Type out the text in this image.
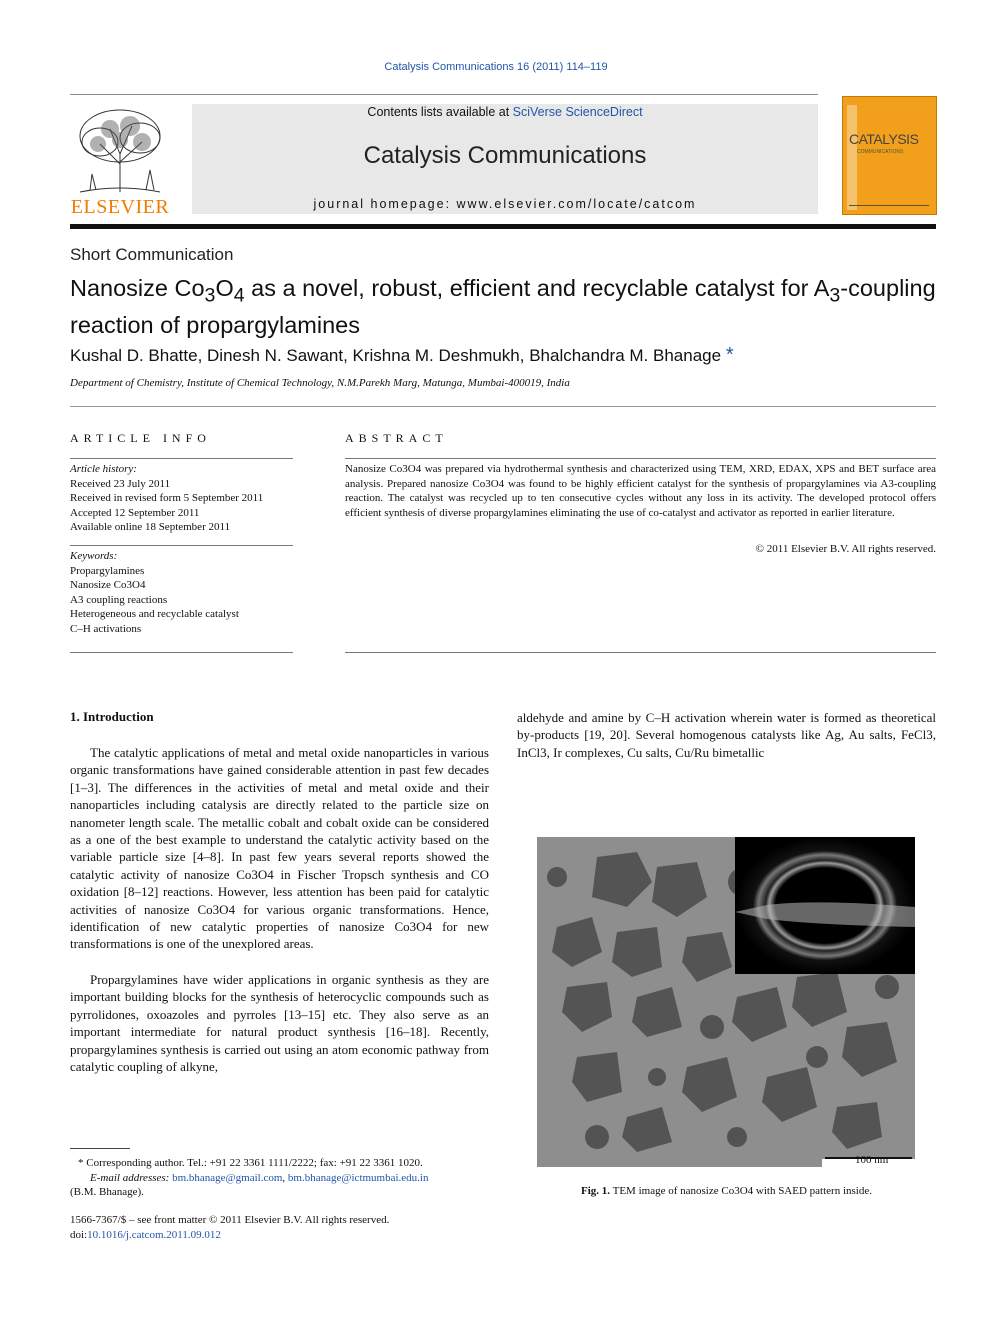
Catalysis Communications 16 (2011) 114–119
ELSEVIER
Contents lists available at SciVerse ScienceDirect
Catalysis Communications
journal homepage: www.elsevier.com/locate/catcom
CATALYSIS
COMMUNICATIONS
Short Communication
Nanosize $Co_3O_4$ as a novel, robust, efficient and recyclable catalyst for $A_3$-coupling reaction of propargylamines
Kushal D. Bhatte, Dinesh N. Sawant, Krishna M. Deshmukh, Bhalchandra M. Bhanage *
Department of Chemistry, Institute of Chemical Technology, N.M.Parekh Marg, Matunga, Mumbai-400019, India
ARTICLE INFO
Article history:
Received 23 July 2011
Received in revised form 5 September 2011
Accepted 12 September 2011
Available online 18 September 2011
Keywords:
Propargylamines
Nanosize Co3O4
A3 coupling reactions
Heterogeneous and recyclable catalyst
C–H activations
ABSTRACT
Nanosize Co3O4 was prepared via hydrothermal synthesis and characterized using TEM, XRD, EDAX, XPS and BET surface area analysis. Prepared nanosize Co3O4 was found to be highly efficient catalyst for the synthesis of propargylamines via A3-coupling reaction. The catalyst was recycled up to ten consecutive cycles without any loss in its activity. The developed protocol offers efficient synthesis of diverse propargylamines eliminating the use of co-catalyst and activator as reported in earlier literature.
© 2011 Elsevier B.V. All rights reserved.
1. Introduction
The catalytic applications of metal and metal oxide nanoparticles in various organic transformations have gained considerable attention in past few decades [1–3]. The differences in the activities of metal and metal oxide and their nanoparticles including catalysis are directly related to the particle size on nanometer length scale. The metallic cobalt and cobalt oxide can be considered as a one of the best example to understand the catalytic activity based on the variable particle size [4–8]. In past few years several reports showed the catalytic activity of nanosize Co3O4 in Fischer Tropsch synthesis and CO oxidation [8–12] reactions. However, less attention has been paid for catalytic activities of nanosize Co3O4 for various organic transformations. Hence, identification of new catalytic properties of nanosize Co3O4 for new transformations is one of the unexplored areas.
Propargylamines have wider applications in organic synthesis as they are important building blocks for the synthesis of heterocyclic compounds such as pyrrolidones, oxoazoles and pyrroles [13–15] etc. They also serve as an important intermediate for natural product synthesis [16–18]. Recently, propargylamines synthesis is carried out using an atom economic pathway from catalytic coupling of alkyne,
aldehyde and amine by C–H activation wherein water is formed as theoretical by-products [19, 20]. Several homogenous catalysts like Ag, Au salts, FeCl3, InCl3, Ir complexes, Cu salts, Cu/Ru bimetallic
100 nm
Fig. 1. TEM image of nanosize Co3O4 with SAED pattern inside.
* Corresponding author. Tel.: +91 22 3361 1111/2222; fax: +91 22 3361 1020.
E-mail addresses: bm.bhanage@gmail.com, bm.bhanage@ictmumbai.edu.in
(B.M. Bhanage).
1566-7367/$ – see front matter © 2011 Elsevier B.V. All rights reserved.
doi:10.1016/j.catcom.2011.09.012
